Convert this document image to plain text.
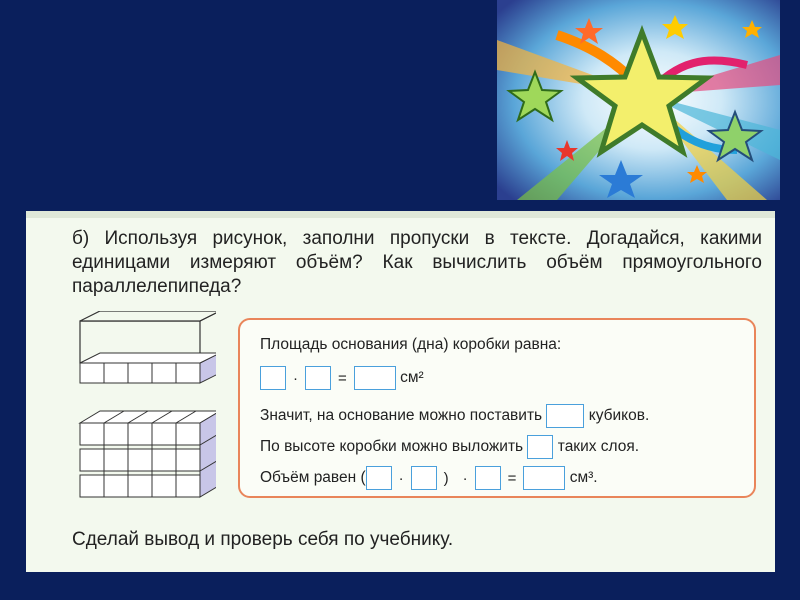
б) Используя рисунок, заполни пропуски в тексте. Догадайся, какими единицами измеряют объём? Как вычислить объём прямоугольного параллелепипеда?
Площадь основания (дна) коробки равна:
·	=	см²
Значит, на основание можно поставить	кубиков.
По высоте коробки можно выложить таких слоя.
Объём равен ( ·	) ·	=	см³.
Сделай вывод и проверь себя по учебнику.
